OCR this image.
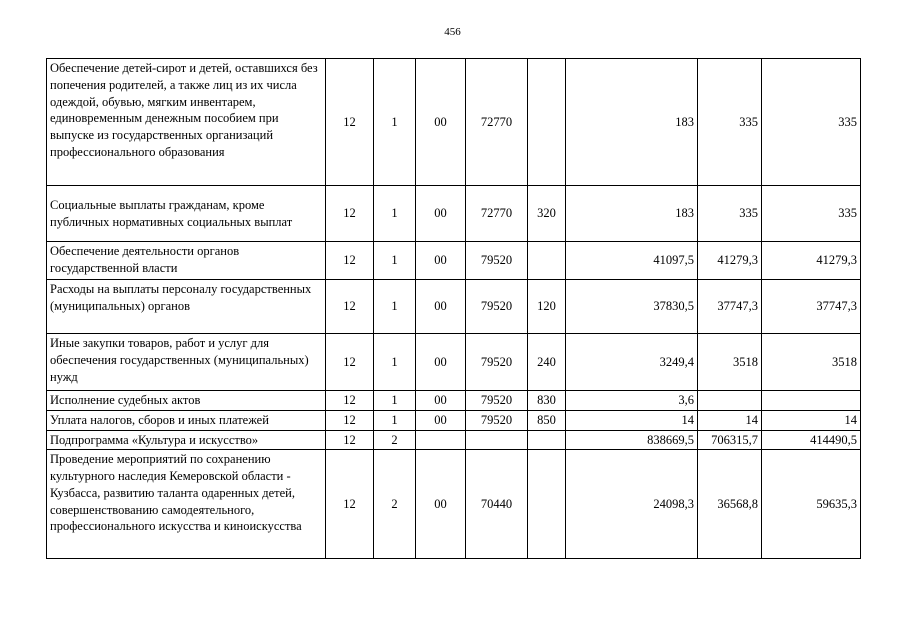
456
Обеспечение детей-сирот и детей, оставшихся без попечения родителей, а также лиц из их числа одеждой, обувью, мягким инвентарем, единовременным денежным пособием при выпуске из государственных организаций профессионального образования	12	1	00	72770		183	335	335
Социальные выплаты гражданам, кроме публичных нормативных социальных выплат	12	1	00	72770	320	183	335	335
Обеспечение деятельности органов государственной власти	12	1	00	79520		41097,5	41279,3	41279,3
Расходы на выплаты персоналу государственных (муниципальных) органов	12	1	00	79520	120	37830,5	37747,3	37747,3
Иные закупки товаров, работ и услуг для обеспечения государственных (муниципальных) нужд	12	1	00	79520	240	3249,4	3518	3518
Исполнение судебных актов	12	1	00	79520	830	3,6		
Уплата налогов, сборов и иных платежей	12	1	00	79520	850	14	14	14
Подпрограмма «Культура и искусство»	12	2				838669,5	706315,7	414490,5
Проведение мероприятий по сохранению культурного наследия Кемеровской области - Кузбасса, развитию таланта одаренных детей, совершенствованию самодеятельного, профессионального искусства и киноискусства	12	2	00	70440		24098,3	36568,8	59635,3
